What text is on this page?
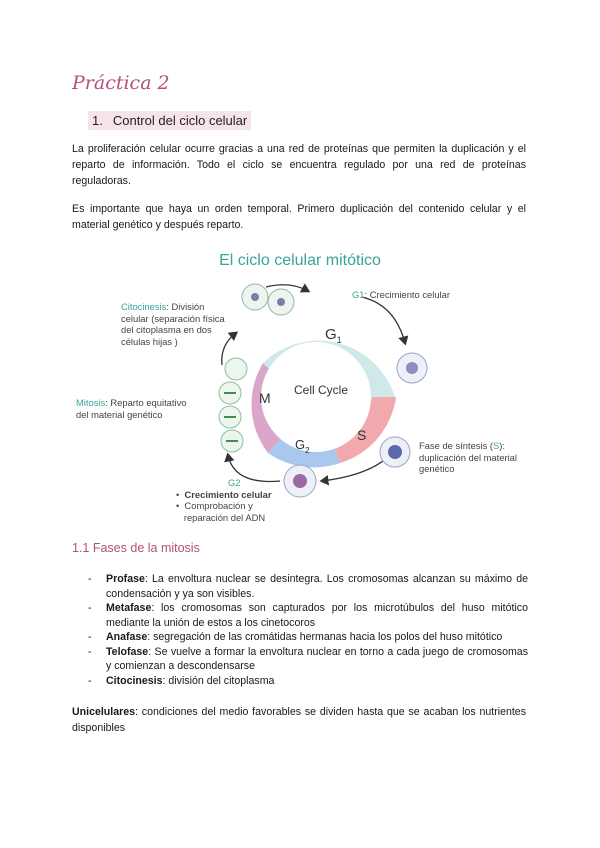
Práctica 2
1. Control del ciclo celular
La proliferación celular ocurre gracias a una red de proteínas que permiten la duplicación y el reparto de información. Todo el ciclo se encuentra regulado por una red de proteínas reguladoras.
Es importante que haya un orden temporal. Primero duplicación del contenido celular y el material genético y después reparto.
El ciclo celular mitótico
$G_1$
S
$G_2$
M Cell Cycle
Citocinesis: División
celular (separación física
del citoplasma en dos
células hijas )
G1: Crecimiento celular
Mitosis: Reparto equitativo
del material genético
Fase de síntesis (S):
duplicación del material
genético
G2
•  Crecimiento celular
•  Comprobación y
reparación del ADN
1.1 Fases de la mitosis
- Profase: La envoltura nuclear se desintegra. Los cromosomas alcanzan su máximo de condensación y ya son visibles.
- Metafase: los cromosomas son capturados por los microtúbulos del huso mitótico mediante la unión de estos a los cinetocoros
- Anafase: segregación de las cromátidas hermanas hacia los polos del huso mitótico
- Telofase: Se vuelve a formar la envoltura nuclear en torno a cada juego de cromosomas y comienzan a descondensarse
- Citocinesis: división del citoplasma
Unicelulares: condiciones del medio favorables se dividen hasta que se acaban los nutrientes disponibles
